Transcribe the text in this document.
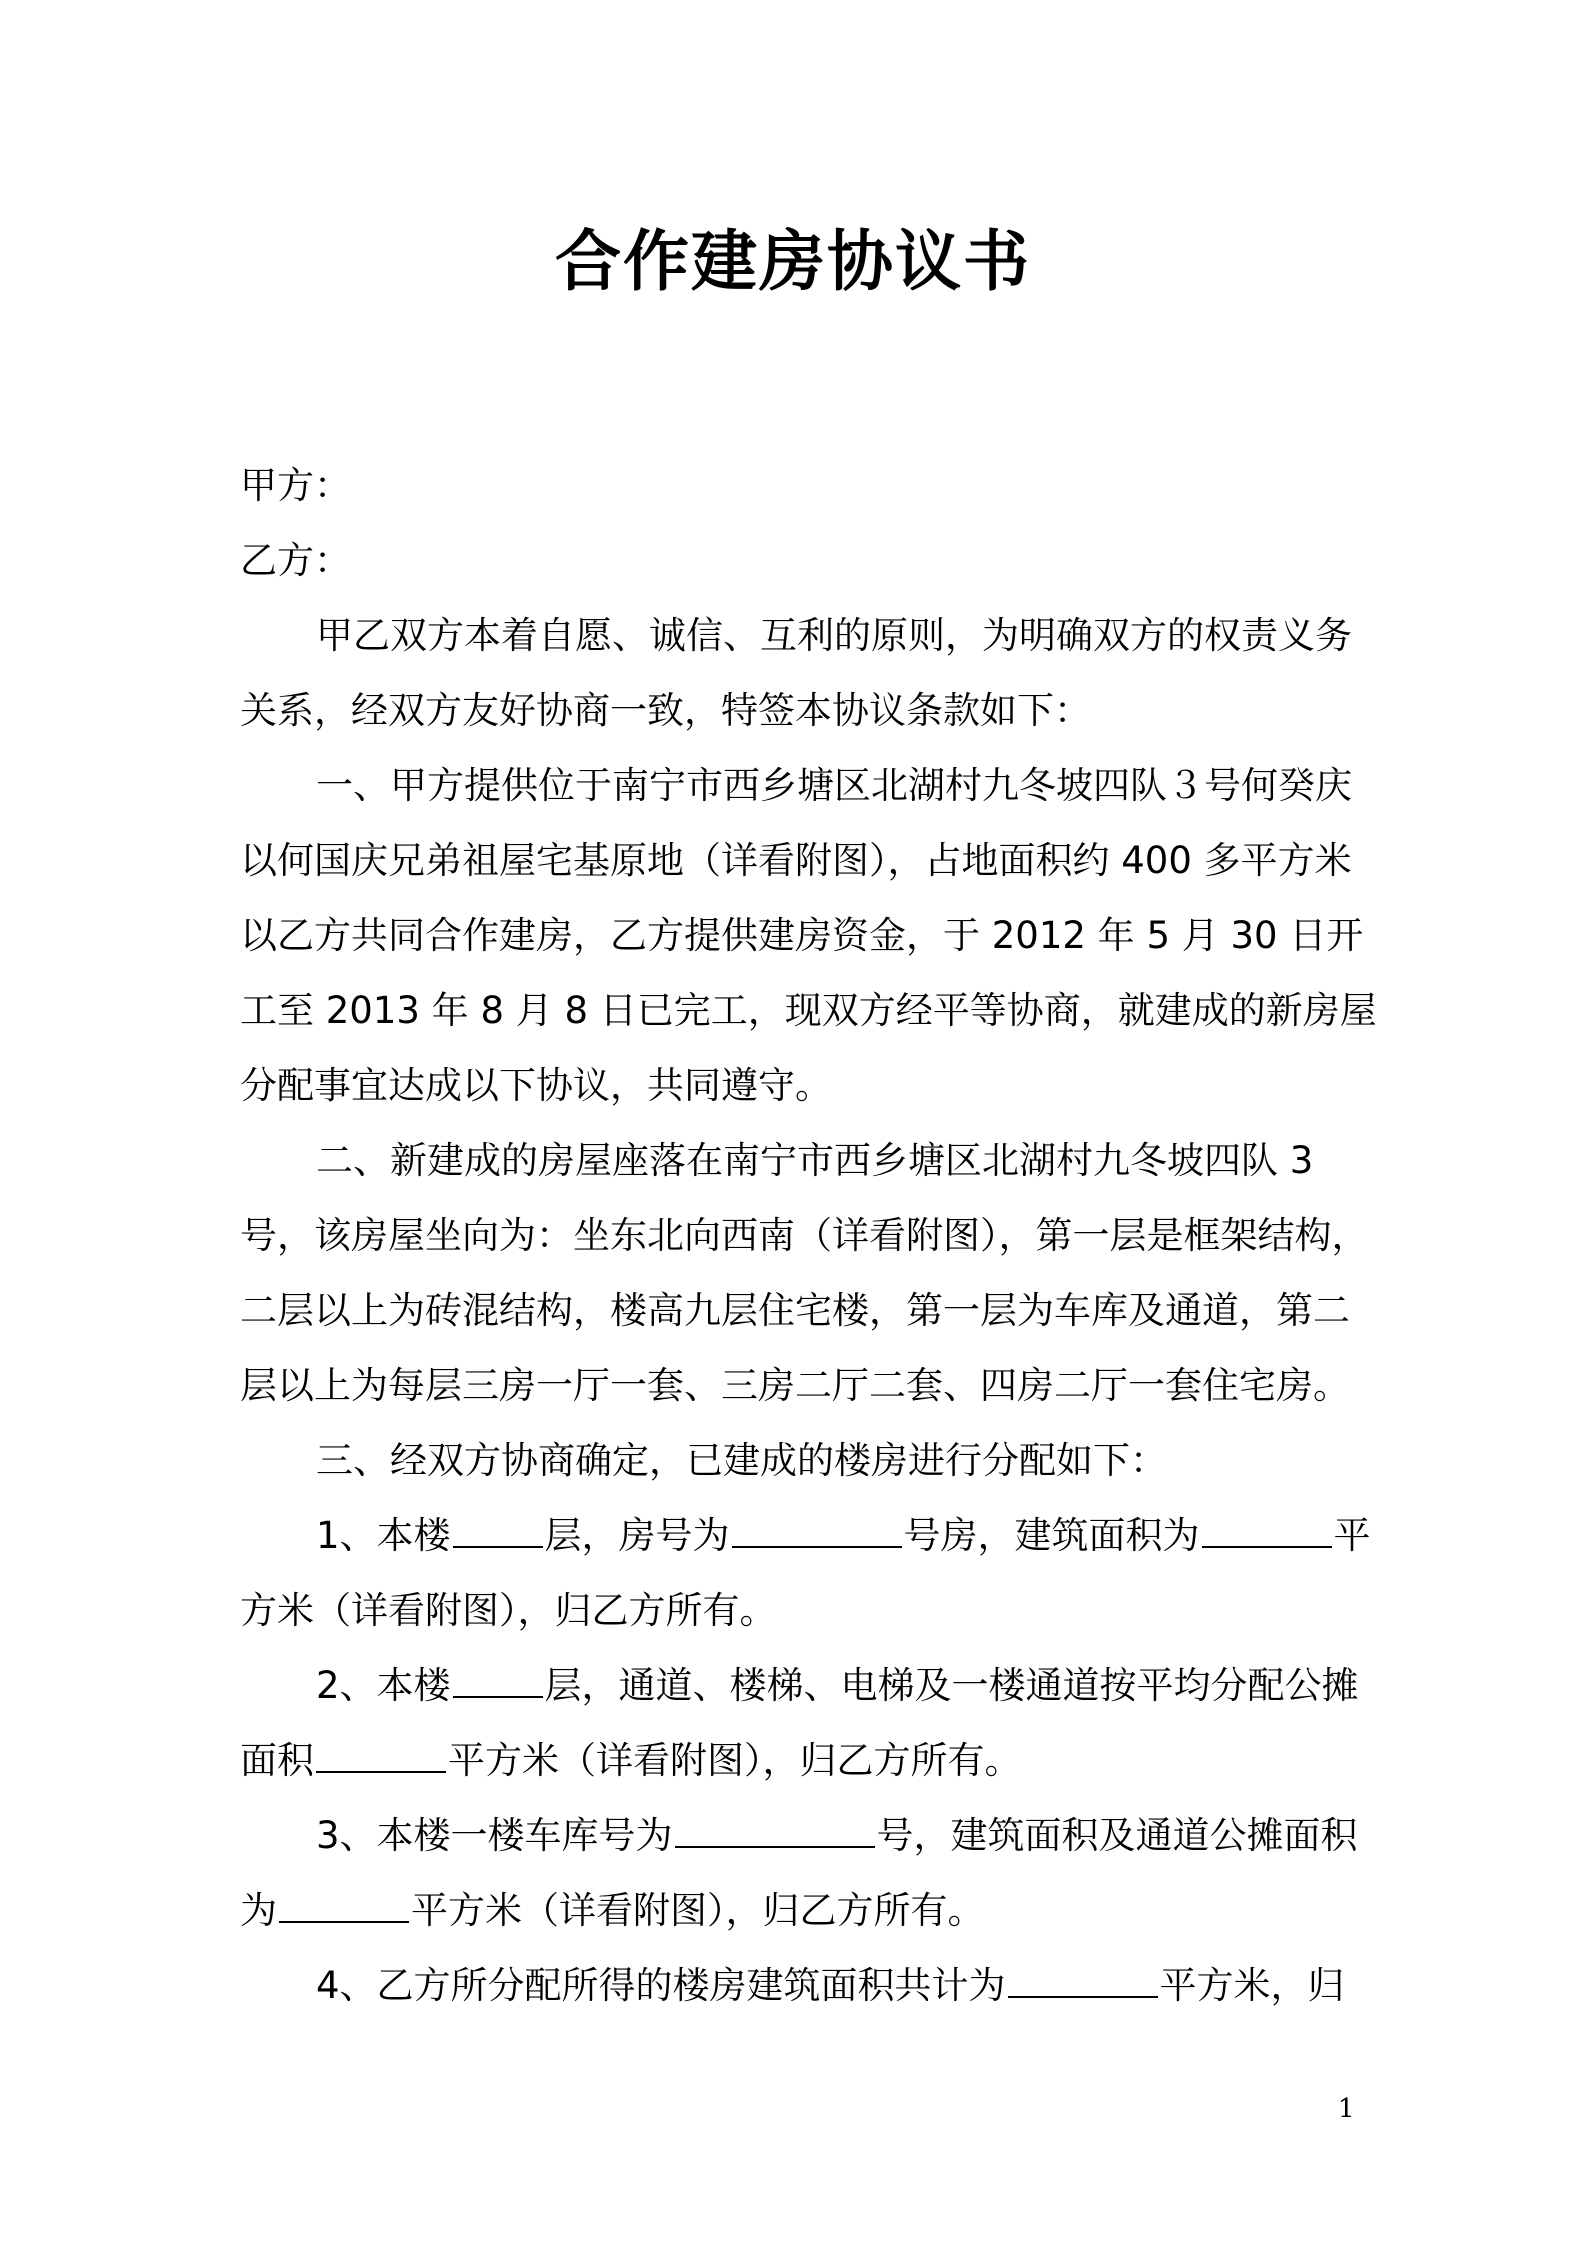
合作建房协议书
甲方：
乙方：
甲乙双方本着自愿、诚信、互利的原则，为明确双方的权责义务
关系，经双方友好协商一致，特签本协议条款如下：
一、甲方提供位于南宁市西乡塘区北湖村九冬坡四队３号何癸庆
以何国庆兄弟祖屋宅基原地（详看附图），占地面积约 400 多平方米
以乙方共同合作建房，乙方提供建房资金，于 2012 年 5 月 30 日开
工至 2013 年 8 月 8 日已完工，现双方经平等协商，就建成的新房屋
分配事宜达成以下协议，共同遵守。
二、新建成的房屋座落在南宁市西乡塘区北湖村九冬坡四队 3
号，该房屋坐向为：坐东北向西南（详看附图），第一层是框架结构，
二层以上为砖混结构，楼高九层住宅楼，第一层为车库及通道，第二
层以上为每层三房一厅一套、三房二厅二套、四房二厅一套住宅房。
三、经双方协商确定，已建成的楼房进行分配如下：
1、本楼	层，房号为	号房，建筑面积为	平
方米（详看附图），归乙方所有。
2、本楼	层，通道、楼梯、电梯及一楼通道按平均分配公摊
面积	平方米（详看附图），归乙方所有。
3、本楼一楼车库号为	号，建筑面积及通道公摊面积
为	平方米（详看附图），归乙方所有。
4、乙方所分配所得的楼房建筑面积共计为	平方米，归
1
